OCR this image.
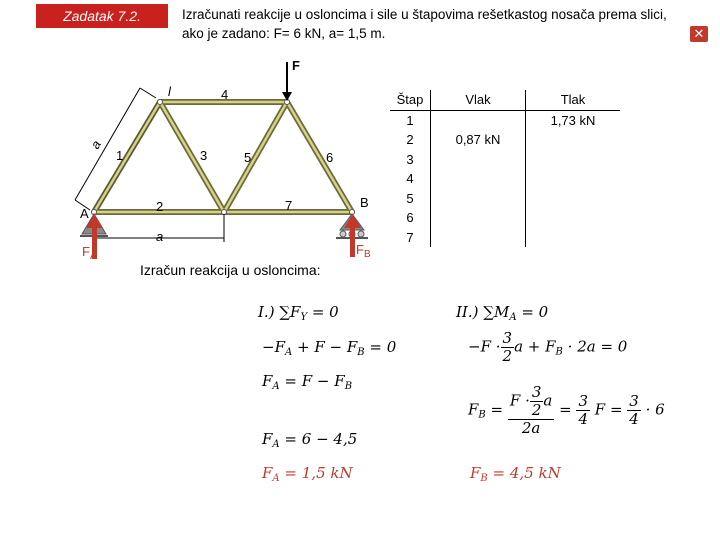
Zadatak 7.2.	Izračunati reakcije u osloncima i sile u štapovima rešetkastog nosača prema slici,
ako je zadano: F= 6 kN, a= 1,5 m.	✕
F
l
a
a
1
2
3
4
5	6
7
A
B
$F_A$	$F_B$
Izračun reakcija u osloncima:
Štap	Vlak	Tlak
1		1,73 kN
2	0,87 kN	
3		
4		
5		
6		
7		
I.) $\sum F_Y = 0$
$-F_A + F - F_B = 0$
$F_A = F - F_B$
$F_A = 6 - 4,5$
$F_A = 1,5$ kN
II.) $\sum M_A = 0$
$-F \cdot \frac{3}{2}$ $a + F_B \cdot 2a = 0$
$F_B = \frac{F \cdot \frac{3}{2} a}{2a} = \frac{3}{4}$ $F = \frac{3}{4} \cdot 6$
$F_B = 4,5$ kN
